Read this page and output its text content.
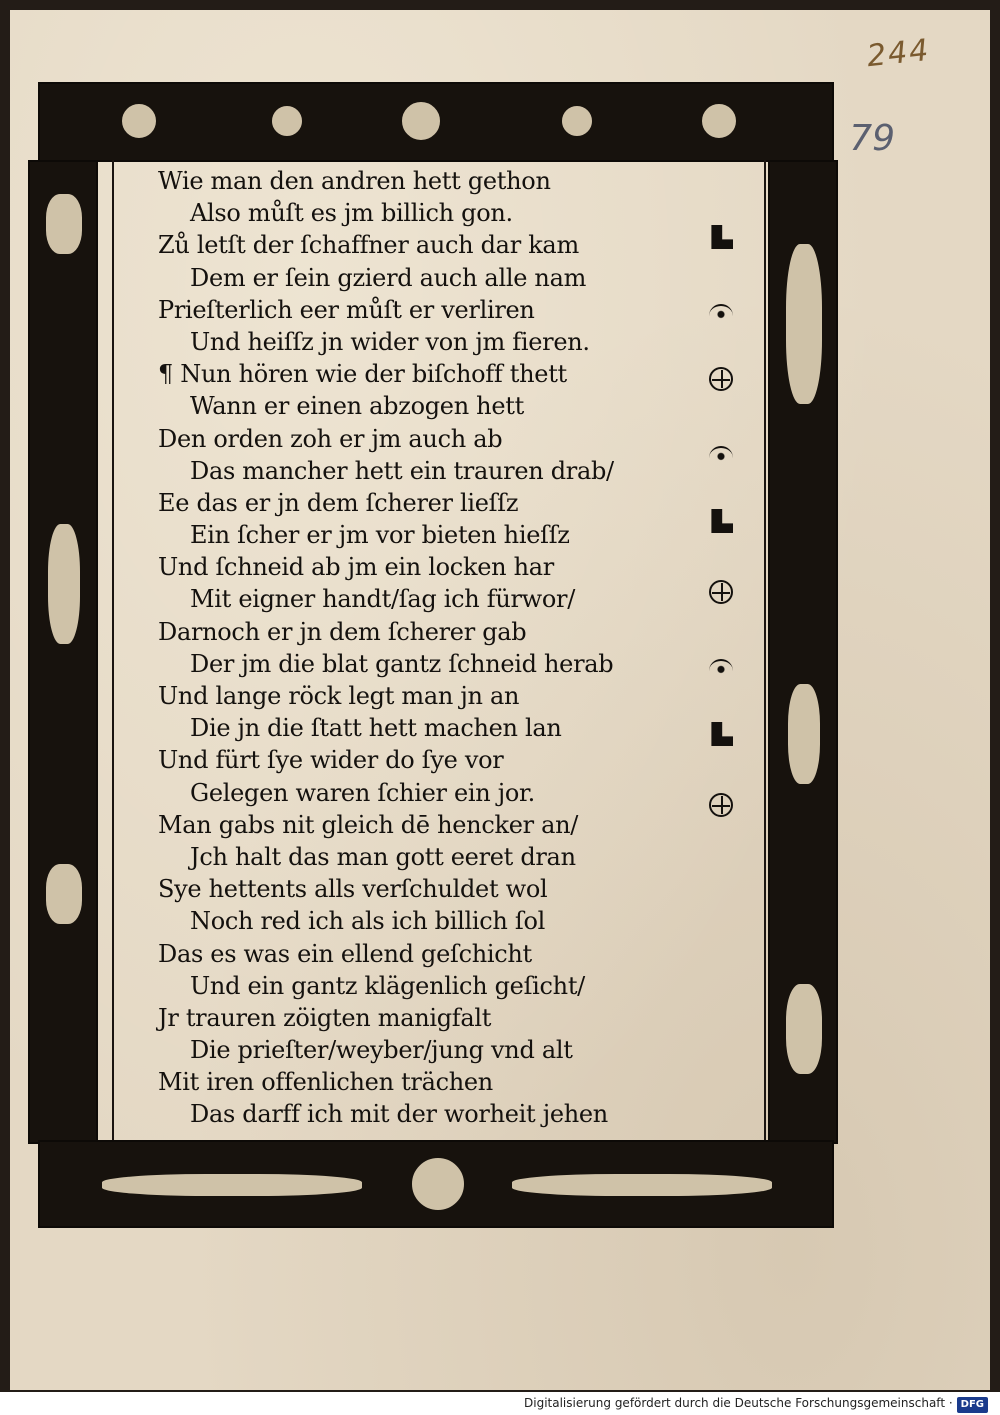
244
79
Wie man den andren hett gethon
Also můſt es jm billich gon.
Zů letſt der ſchaffner auch dar kam
Dem er ſein gzierd auch alle nam
Prieſterlich eer můſt er verliren
Und heiſſz jn wider von jm fieren.
¶ Nun hören wie der biſchoff thett
Wann er einen abzogen hett
Den orden zoh er jm auch ab
Das mancher hett ein trauren drab/
Ee das er jn dem ſcherer lieſſz
Ein ſcher er jm vor bieten hieſſz
Und ſchneid ab jm ein locken har
Mit eigner handt/ſag ich fürwor/
Darnoch er jn dem ſcherer gab
Der jm die blat gantz ſchneid herab
Und lange röck legt man jn an
Die jn die ſtatt hett machen lan
Und fürt ſye wider do ſye vor
Gelegen waren ſchier ein jor.
Man gabs nit gleich dē hencker an/
Jch halt das man gott eeret dran
Sye hettents alls verſchuldet wol
Noch red ich als ich billich ſol
Das es was ein ellend geſchicht
Und ein gantz klägenlich geſicht/
Jr trauren zöigten manigfalt
Die prieſter/weyber/jung vnd alt
Mit iren offenlichen trächen
Das darff ich mit der worheit jehen
Digitalisierung gefördert durch die Deutsche Forschungsgemeinschaft · DFG
